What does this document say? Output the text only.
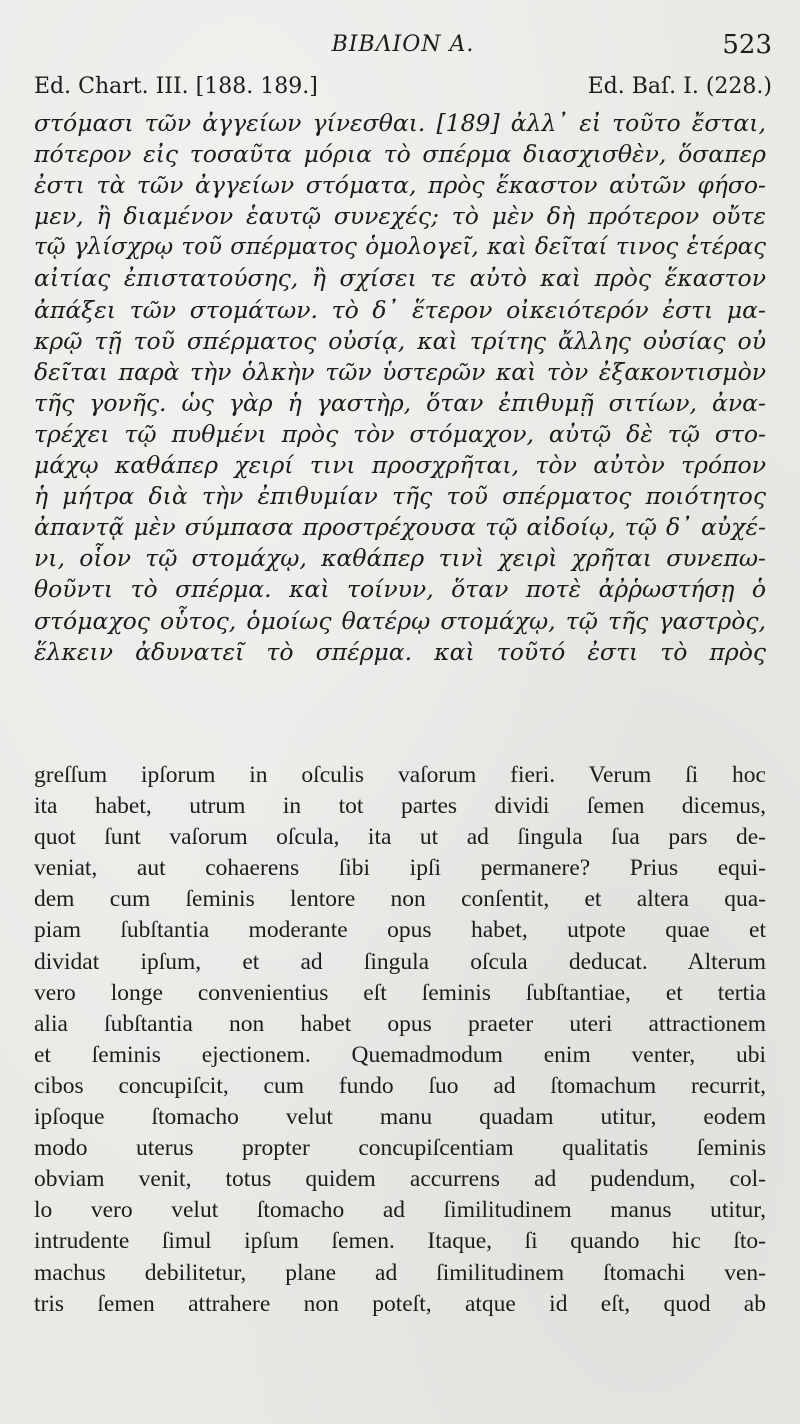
ΒΙΒΛΙΟΝ Α.	523
Ed. Chart. III. [188. 189.]	Ed. Baſ. I. (228.)
στόμασι τῶν ἀγγείων γίνεσθαι. [189] ἀλλ᾽ εἰ τοῦτο ἔσται,
πότερον εἰς τοσαῦτα μόρια τὸ σπέρμα διασχισθὲν, ὅσαπερ
ἐστι τὰ τῶν ἀγγείων στόματα, πρὸς ἕκαστον αὐτῶν φήσο-
μεν, ἢ διαμένον ἑαυτῷ συνεχές; τὸ μὲν δὴ πρότερον οὔτε
τῷ γλίσχρῳ τοῦ σπέρματος ὁμολογεῖ, καὶ δεῖταί τινος ἑτέρας
αἰτίας ἐπιστατούσης, ἢ σχίσει τε αὐτὸ καὶ πρὸς ἕκαστον
ἀπάξει τῶν στομάτων. τὸ δ᾽ ἕτερον οἰκειότερόν ἐστι μα-
κρῷ τῇ τοῦ σπέρματος οὐσίᾳ, καὶ τρίτης ἄλλης οὐσίας οὐ
δεῖται παρὰ τὴν ὁλκὴν τῶν ὑστερῶν καὶ τὸν ἐξακοντισμὸν
τῆς γονῆς. ὡς γὰρ ἡ γαστὴρ, ὅταν ἐπιθυμῇ σιτίων, ἀνα-
τρέχει τῷ πυθμένι πρὸς τὸν στόμαχον, αὐτῷ δὲ τῷ στο-
μάχῳ καθάπερ χειρί τινι προσχρῆται, τὸν αὐτὸν τρόπον
ἡ μήτρα διὰ τὴν ἐπιθυμίαν τῆς τοῦ σπέρματος ποιότητος
ἀπαντᾷ μὲν σύμπασα προστρέχουσα τῷ αἰδοίῳ, τῷ δ᾽ αὐχέ-
νι, οἷον τῷ στομάχῳ, καθάπερ τινὶ χειρὶ χρῆται συνεπω-
θοῦντι τὸ σπέρμα. καὶ τοίνυν, ὅταν ποτὲ ἀῤῥωστήσῃ ὁ
στόμαχος οὗτος, ὁμοίως θατέρῳ στομάχῳ, τῷ τῆς γαστρὸς,
ἕλκειν ἀδυνατεῖ τὸ σπέρμα. καὶ τοῦτό ἐστι τὸ πρὸς
greſſum ipſorum in oſculis vaſorum fieri. Verum ſi hoc
ita habet, utrum in tot partes dividi ſemen dicemus,
quot ſunt vaſorum oſcula, ita ut ad ſingula ſua pars de-
veniat, aut cohaerens ſibi ipſi permanere? Prius equi-
dem cum ſeminis lentore non conſentit, et altera qua-
piam ſubſtantia moderante opus habet, utpote quae et
dividat ipſum, et ad ſingula oſcula deducat. Alterum
vero longe convenientius eſt ſeminis ſubſtantiae, et tertia
alia ſubſtantia non habet opus praeter uteri attractionem
et ſeminis ejectionem. Quemadmodum enim venter, ubi
cibos concupiſcit, cum fundo ſuo ad ſtomachum recurrit,
ipſoque ſtomacho velut manu quadam utitur, eodem
modo uterus propter concupiſcentiam qualitatis ſeminis
obviam venit, totus quidem accurrens ad pudendum, col-
lo vero velut ſtomacho ad ſimilitudinem manus utitur,
intrudente ſimul ipſum ſemen. Itaque, ſi quando hic ſto-
machus debilitetur, plane ad ſimilitudinem ſtomachi ven-
tris ſemen attrahere non poteſt, atque id eſt, quod ab
